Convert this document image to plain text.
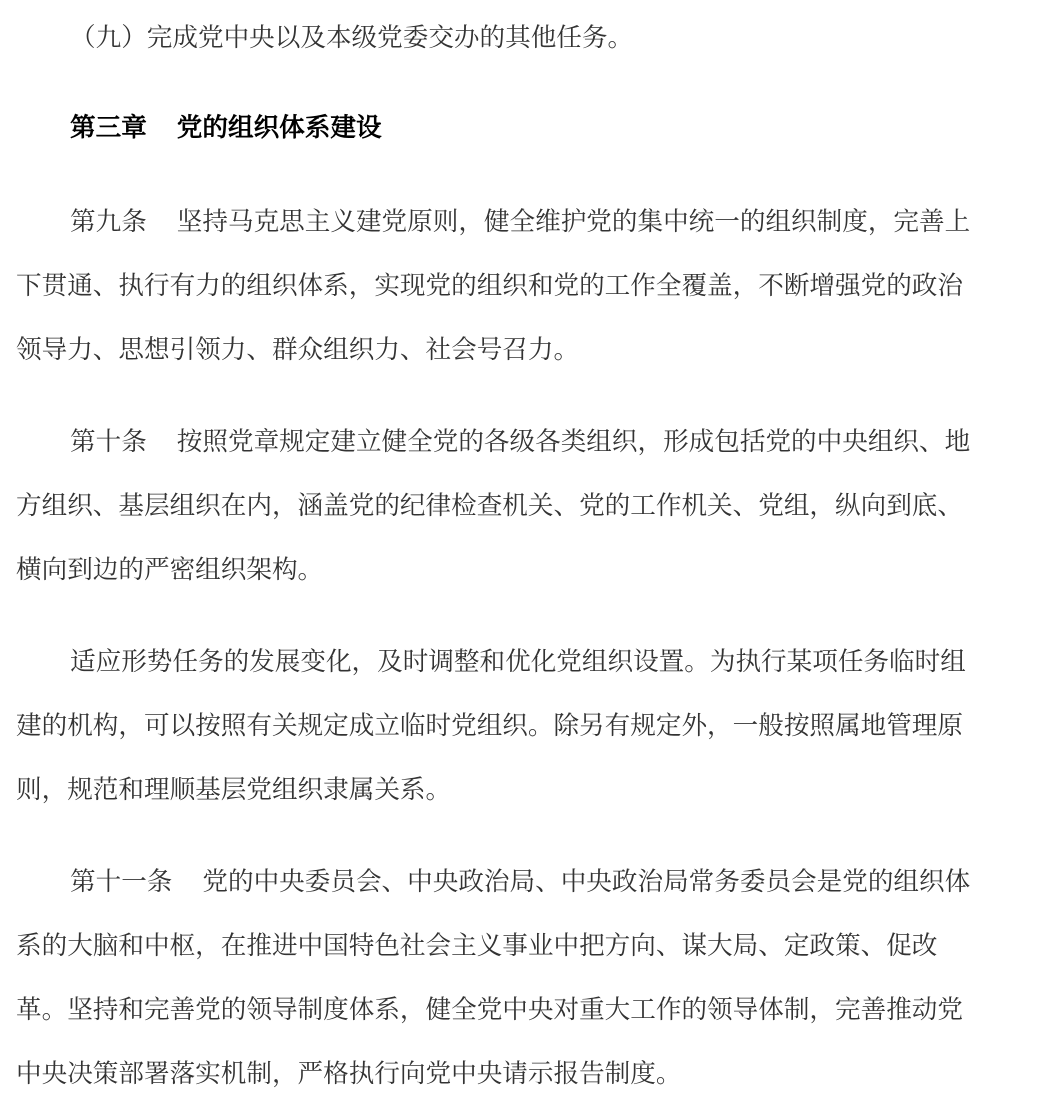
（九）完成党中央以及本级党委交办的其他任务。

第三章 党的组织体系建设

第九条 坚持马克思主义建党原则，健全维护党的集中统一的组织制度，完善上
下贯通、执行有力的组织体系，实现党的组织和党的工作全覆盖，不断增强党的政治
领导力、思想引领力、群众组织力、社会号召力。

第十条 按照党章规定建立健全党的各级各类组织，形成包括党的中央组织、地
方组织、基层组织在内，涵盖党的纪律检查机关、党的工作机关、党组，纵向到底、
横向到边的严密组织架构。

适应形势任务的发展变化，及时调整和优化党组织设置。为执行某项任务临时组
建的机构，可以按照有关规定成立临时党组织。除另有规定外，一般按照属地管理原
则，规范和理顺基层党组织隶属关系。

第十一条 党的中央委员会、中央政治局、中央政治局常务委员会是党的组织体
系的大脑和中枢，在推进中国特色社会主义事业中把方向、谋大局、定政策、促改
革。坚持和完善党的领导制度体系，健全党中央对重大工作的领导体制，完善推动党
中央决策部署落实机制，严格执行向党中央请示报告制度。
